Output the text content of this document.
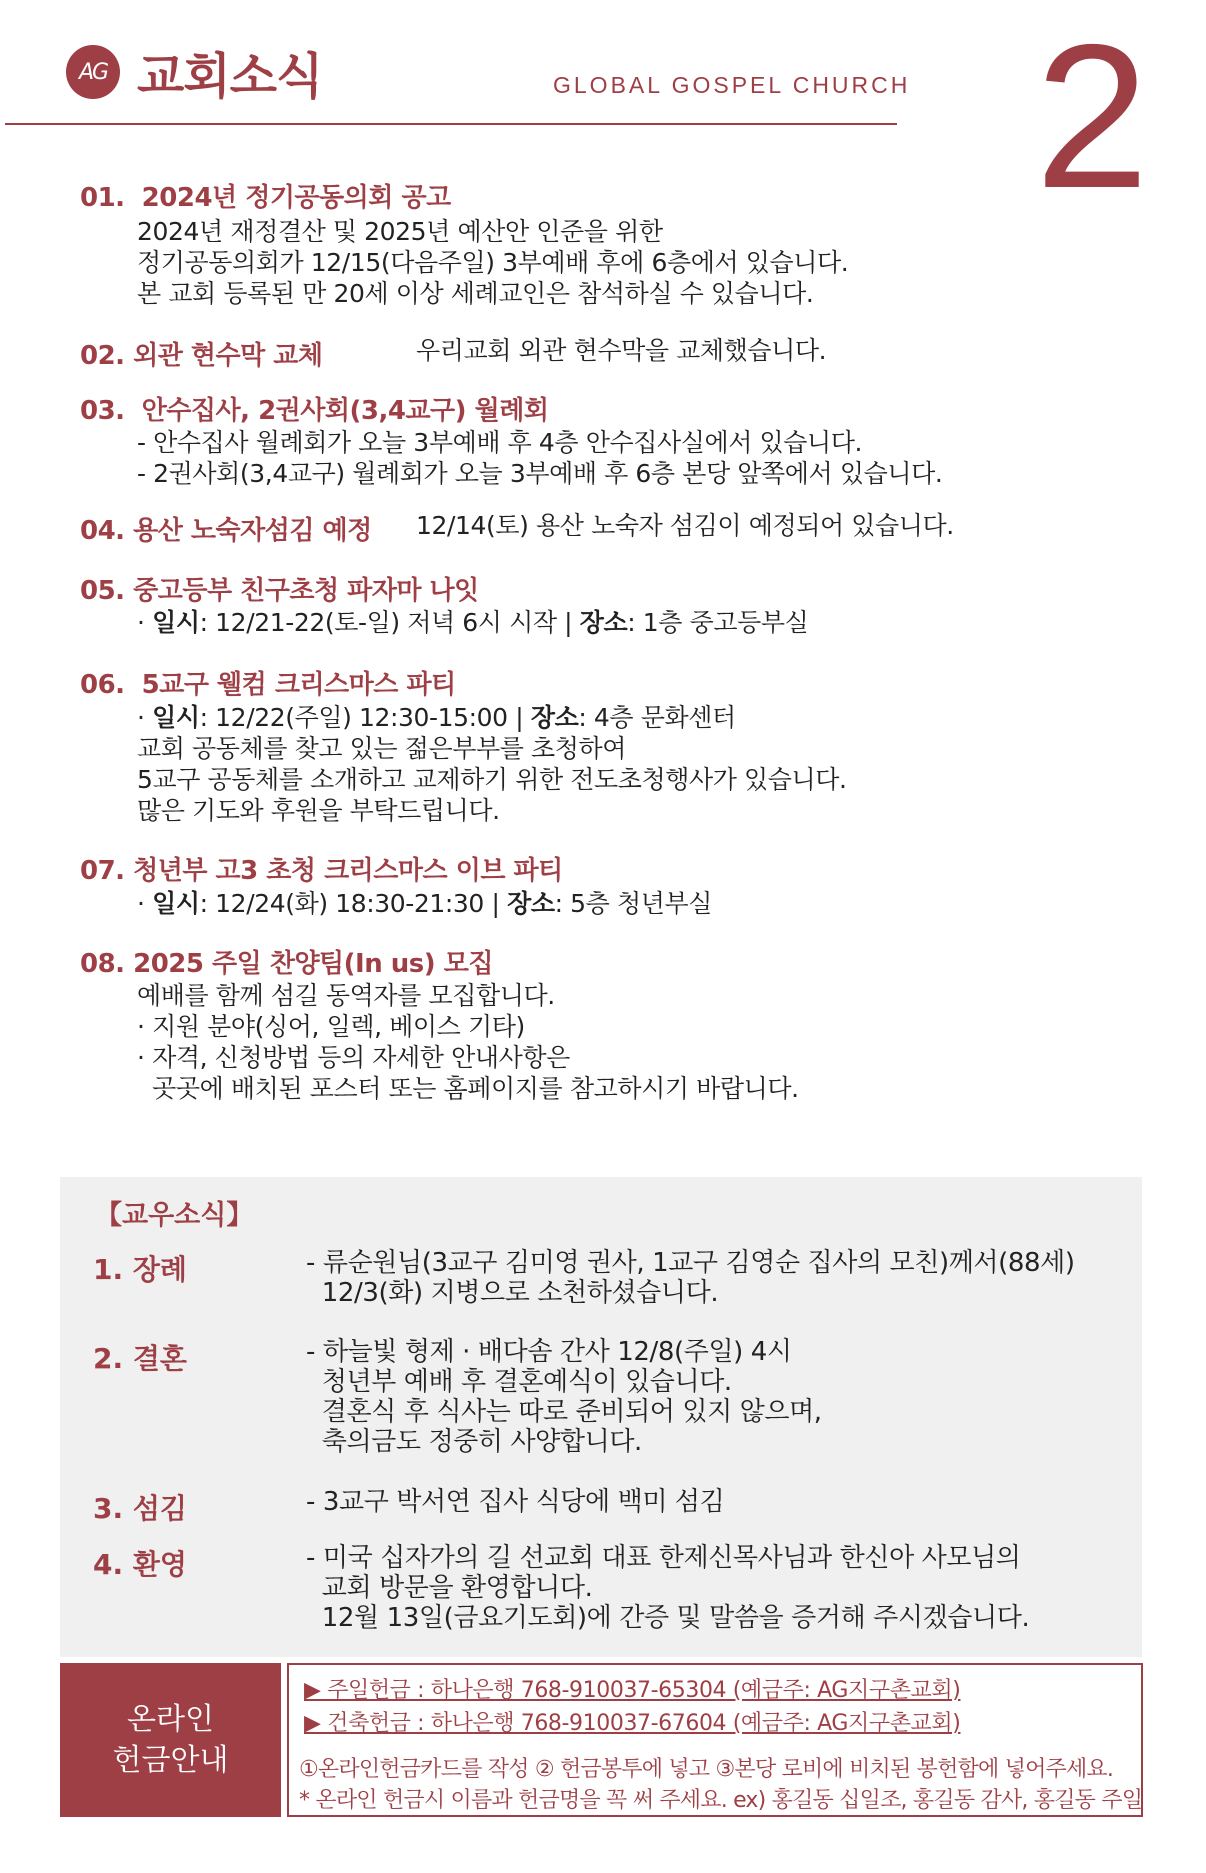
AG 교회소식	GLOBAL GOSPEL CHURCH 2
01. 2024년 정기공동의회 공고
2024년 재정결산 및 2025년 예산안 인준을 위한
정기공동의회가 12/15(다음주일) 3부예배 후에 6층에서 있습니다.
본 교회 등록된 만 20세 이상 세례교인은 참석하실 수 있습니다.
02. 외관 현수막 교체	우리교회 외관 현수막을 교체했습니다.
03. 안수집사, 2권사회(3,4교구) 월례회
- 안수집사 월례회가 오늘 3부예배 후 4층 안수집사실에서 있습니다.
- 2권사회(3,4교구) 월례회가 오늘 3부예배 후 6층 본당 앞쪽에서 있습니다.
04. 용산 노숙자섬김 예정 12/14(토) 용산 노숙자 섬김이 예정되어 있습니다.
05. 중고등부 친구초청 파자마 나잇
· 일시: 12/21-22(토-일) 저녁 6시 시작 | 장소: 1층 중고등부실
06. 5교구 웰컴 크리스마스 파티
· 일시: 12/22(주일) 12:30-15:00 | 장소: 4층 문화센터
교회 공동체를 찾고 있는 젊은부부를 초청하여
5교구 공동체를 소개하고 교제하기 위한 전도초청행사가 있습니다.
많은 기도와 후원을 부탁드립니다.
07. 청년부 고3 초청 크리스마스 이브 파티
· 일시: 12/24(화) 18:30-21:30 | 장소: 5층 청년부실
08. 2025 주일 찬양팀(In us) 모집
예배를 함께 섬길 동역자를 모집합니다.
· 지원 분야(싱어, 일렉, 베이스 기타)
· 자격, 신청방법 등의 자세한 안내사항은
곳곳에 배치된 포스터 또는 홈페이지를 참고하시기 바랍니다.
【교우소식】
1. 장례	- 류순원님(3교구 김미영 권사, 1교구 김영순 집사의 모친)께서(88세)
12/3(화) 지병으로 소천하셨습니다.
2. 결혼	- 하늘빛 형제 · 배다솜 간사 12/8(주일) 4시
청년부 예배 후 결혼예식이 있습니다.
결혼식 후 식사는 따로 준비되어 있지 않으며,
축의금도 정중히 사양합니다.
3. 섬김	- 3교구 박서연 집사 식당에 백미 섬김
4. 환영	- 미국 십자가의 길 선교회 대표 한제신목사님과 한신아 사모님의
교회 방문을 환영합니다.
12월 13일(금요기도회)에 간증 및 말씀을 증거해 주시겠습니다.
온라인
헌금안내
▶ 주일헌금 : 하나은행 768-910037-65304 (예금주: AG지구촌교회)
▶ 건축헌금 : 하나은행 768-910037-67604 (예금주: AG지구촌교회)
①온라인헌금카드를 작성 ② 헌금봉투에 넣고 ③본당 로비에 비치된 봉헌함에 넣어주세요.
* 온라인 헌금시 이름과 헌금명을 꼭 써 주세요. ex) 홍길동 십일조, 홍길동 감사, 홍길동 주일
